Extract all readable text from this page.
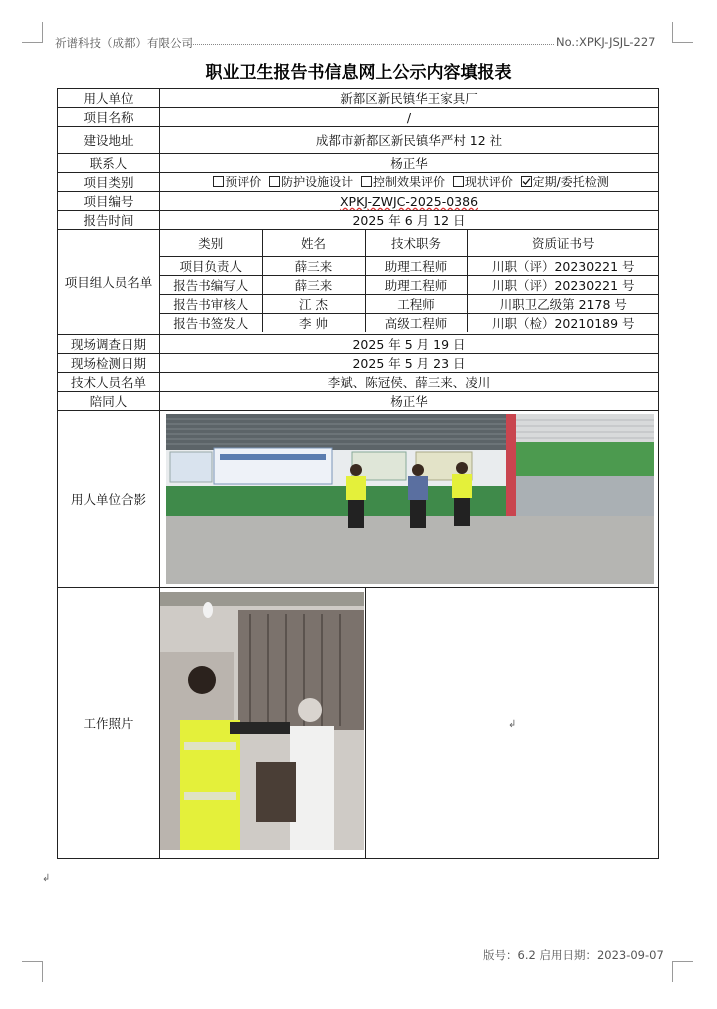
祈谱科技（成都）有限公司	No.:XPKJ-JSJL-227
职业卫生报告书信息网上公示内容填报表
用人单位	新都区新民镇华王家具厂
项目名称	/
建设地址	成都市新都区新民镇华严村 12 社
联系人	杨正华
项目类别	预评价 防护设施设计 控制效果评价 现状评价 定期/委托检测
项目编号	XPKJ-ZWJC-2025-0386
报告时间	2025 年 6 月 12 日
项目组人员名单	
类别	姓名	技术职务	资质证书号
项目负责人	薛三来	助理工程师	川职（评）20230221 号
报告书编写人	薛三来	助理工程师	川职（评）20230221 号
报告书审核人	江 杰	工程师	川职卫乙级第 2178 号
报告书签发人	李 帅	高级工程师	川职（检）20210189 号

现场调查日期	2025 年 5 月 19 日
现场检测日期	2025 年 5 月 23 日
技术人员名单	李斌、陈冠侯、薛三来、凌川
陪同人	杨正华
用人单位合影	

工作照片	
		↲
↲
版号：6.2 启用日期：2023-09-07
